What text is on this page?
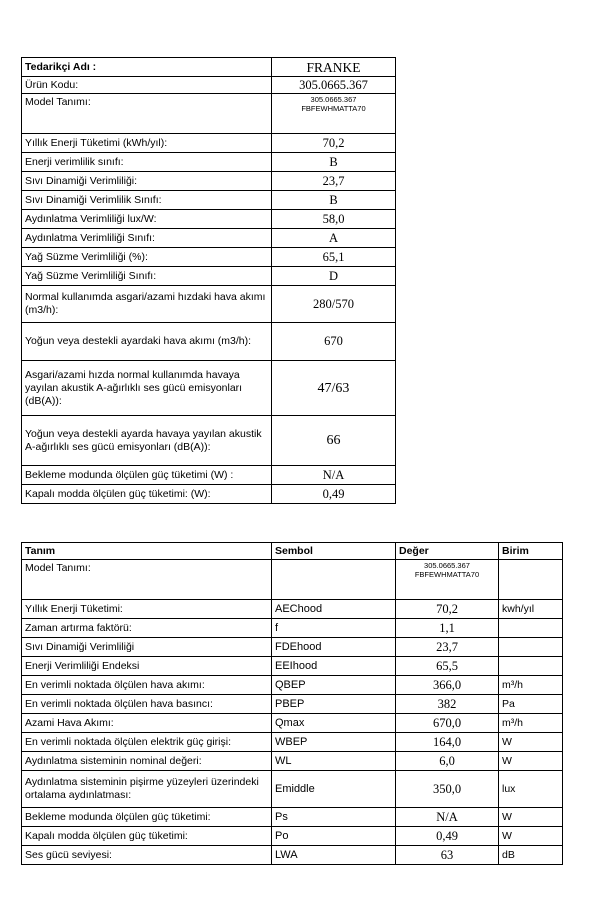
Tedarikçi Adı :	FRANKE
Ürün Kodu:	305.0665.367
Model Tanımı:	305.0665.367
FBFEWHMATTA70

Yıllık Enerji Tüketimi (kWh/yıl):	70,2
Enerji verimlilik sınıfı:	B
Sıvı Dinamiği Verimliliği:	23,7
Sıvı Dinamiği Verimlilik Sınıfı:	B
Aydınlatma Verimliliği lux/W:	58,0
Aydınlatma Verimliliği Sınıfı:	A
Yağ Süzme Verimliliği (%):	65,1
Yağ Süzme Verimliliği Sınıfı:	D
Normal kullanımda asgari/azami hızdaki hava akımı (m3/h):	280/570
Yoğun veya destekli ayardaki hava akımı (m3/h):	670
Asgari/azami hızda normal kullanımda havaya yayılan akustik A-ağırlıklı ses gücü emisyonları (dB(A)):	47/63
Yoğun veya destekli ayarda havaya yayılan akustik A-ağırlıklı ses gücü emisyonları (dB(A)):	66
Bekleme modunda ölçülen güç tüketimi (W) :	N/A
Kapalı modda ölçülen güç tüketimi: (W):	0,49
Tanım	Sembol	Değer	Birim
Model Tanımı:		305.0665.367
FBFEWHMATTA70	

Yıllık Enerji Tüketimi:	AEChood	70,2	kwh/yıl
Zaman artırma faktörü:	f	1,1	
Sıvı Dinamiği Verimliliği	FDEhood	23,7	
Enerji Verimliliği Endeksi	EEIhood	65,5	
En verimli noktada ölçülen hava akımı:	QBEP	366,0	m³/h
En verimli noktada ölçülen hava basıncı:	PBEP	382	Pa
Azami Hava Akımı:	Qmax	670,0	m³/h
En verimli noktada ölçülen elektrik güç girişi:	WBEP	164,0	W
Aydınlatma sisteminin nominal değeri:	WL	6,0	W
Aydınlatma sisteminin pişirme yüzeyleri üzerindeki ortalama aydınlatması:	Emiddle	350,0	lux
Bekleme modunda ölçülen güç tüketimi:	Ps	N/A	W
Kapalı modda ölçülen güç tüketimi:	Po	0,49	W
Ses gücü seviyesi:	LWA	63	dB
